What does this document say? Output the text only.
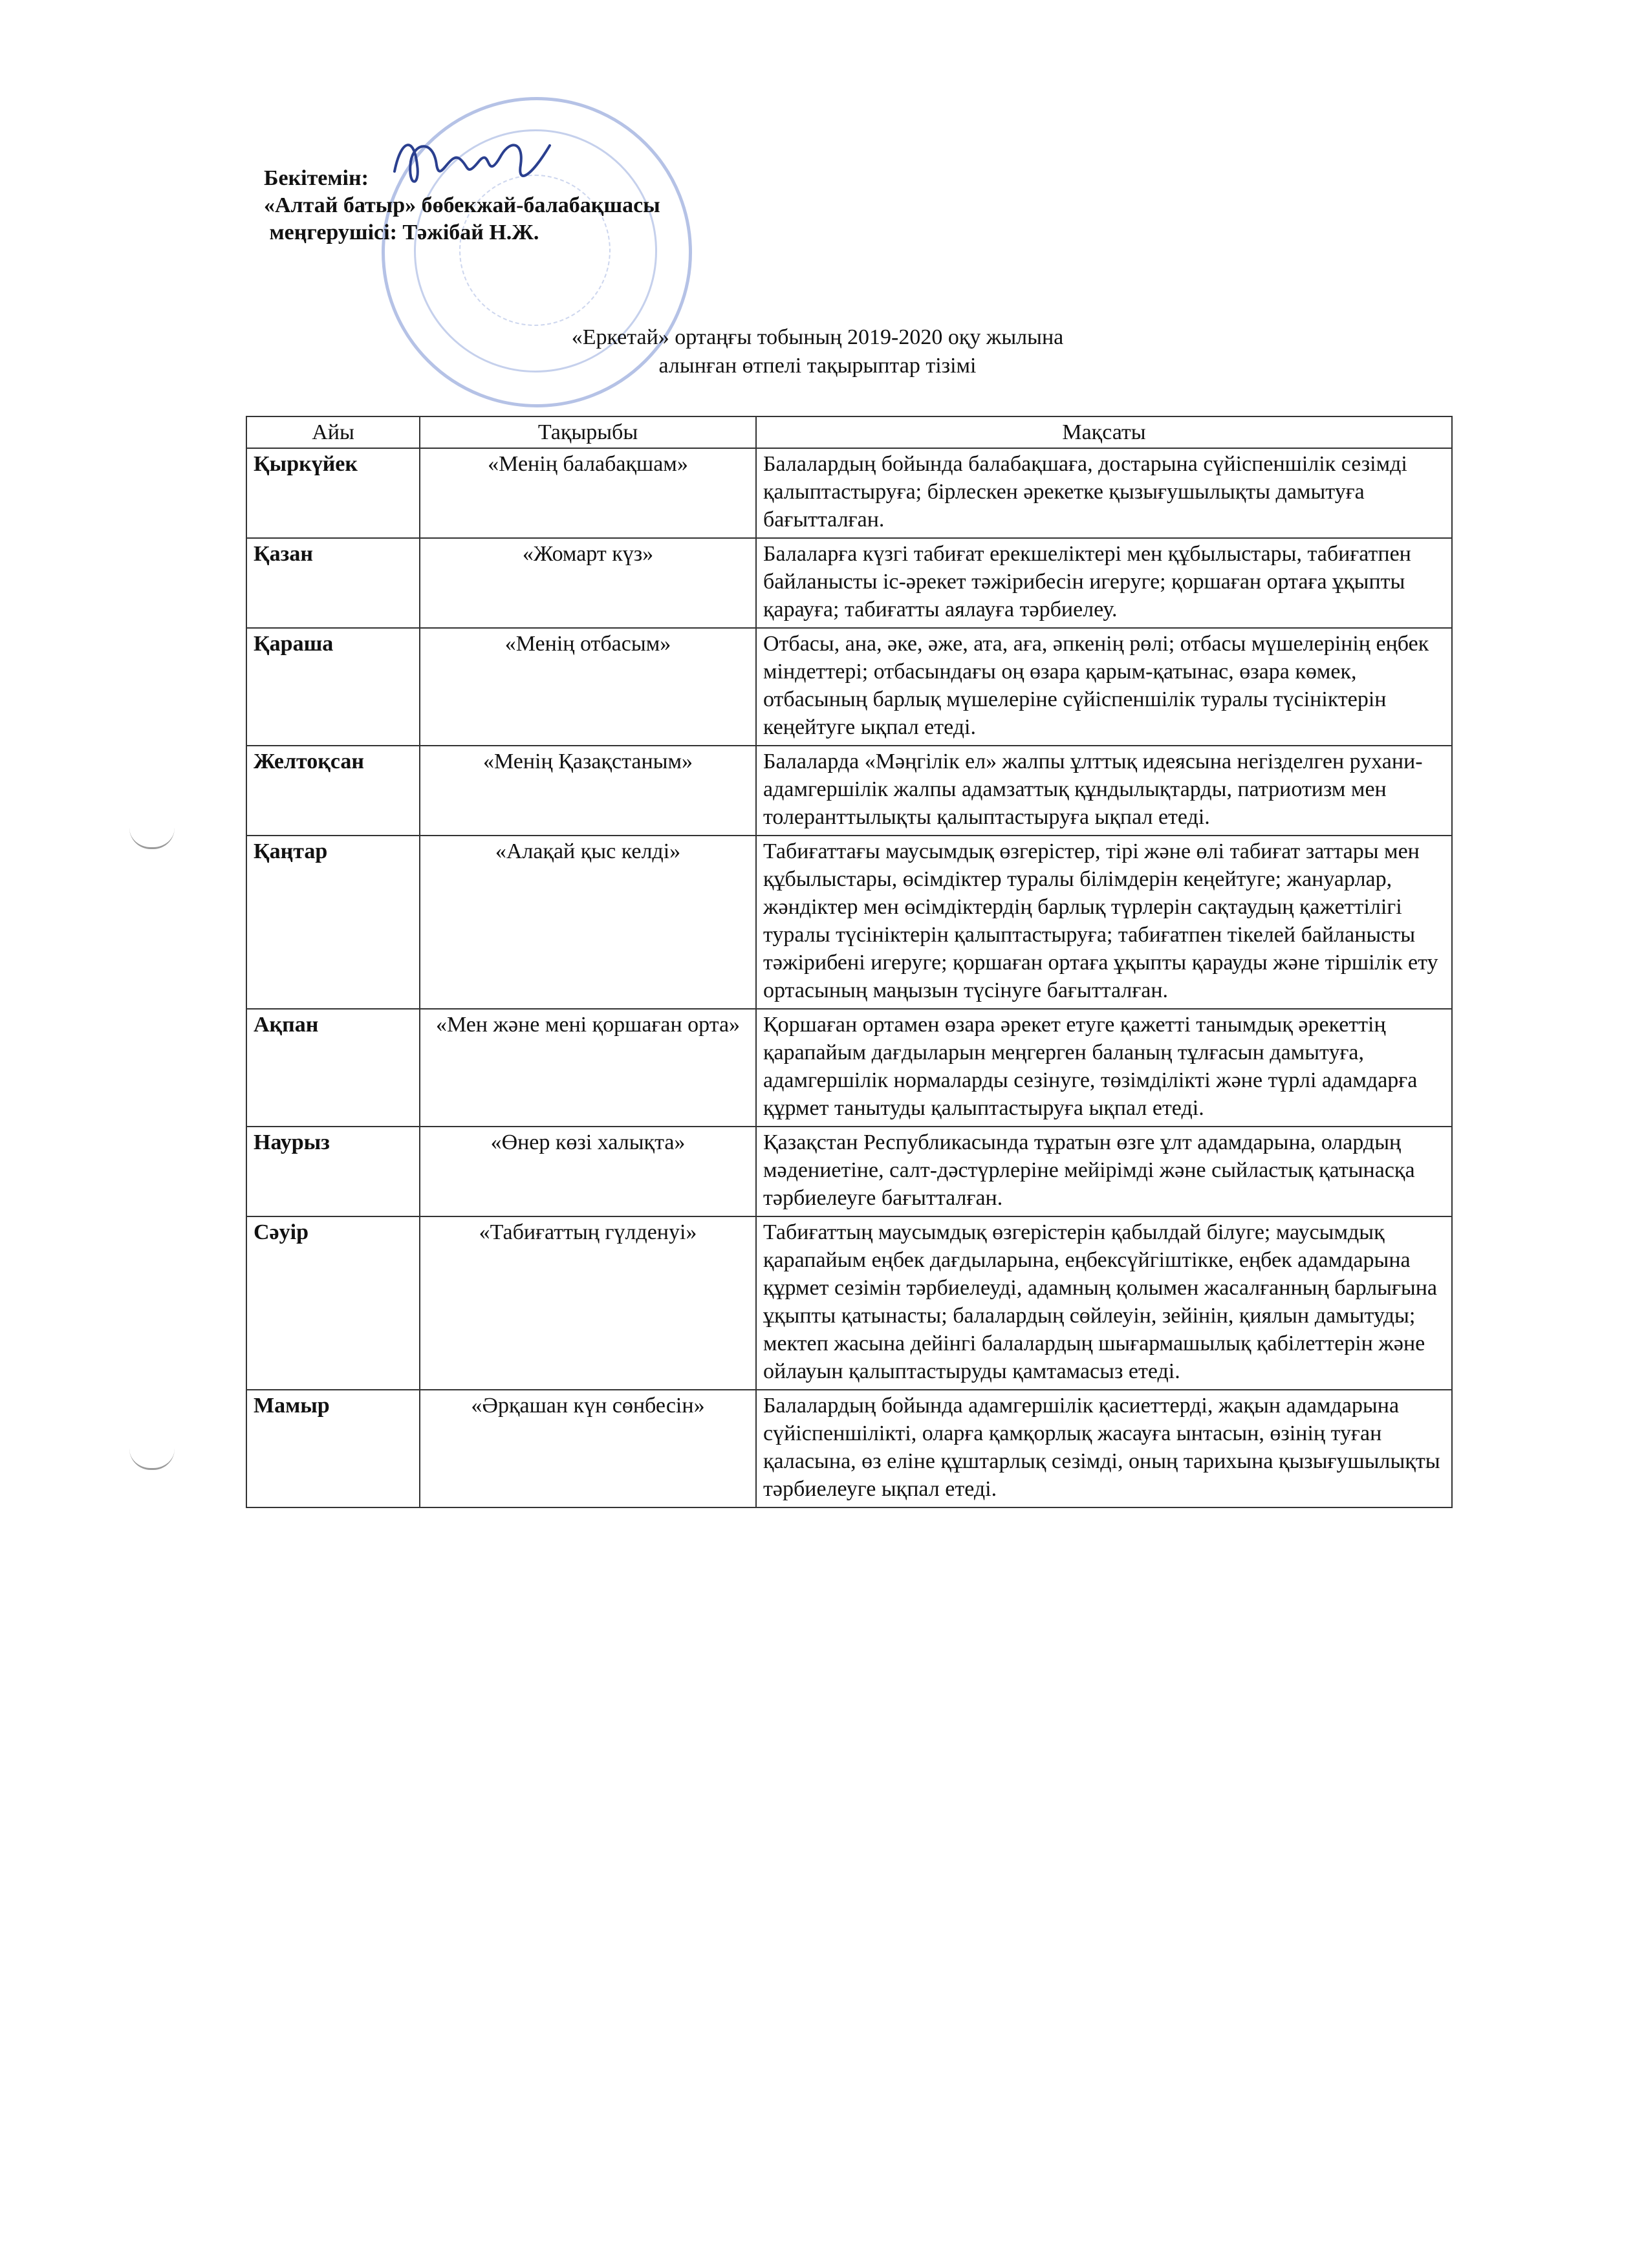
Бекітемін:
«Алтай батыр» бөбекжай-балабақшасы
меңгерушісі: Тәжібай Н.Ж.
«Еркетай» ортаңғы тобының 2019-2020 оқу жылына
алынған өтпелі тақырыптар тізімі
Айы	Тақырыбы	Мақсаты
Қыркүйек	«Менің балабақшам»	Балалардың бойында балабақшаға, достарына сүйіспеншілік сезімді қалыптастыруға; бірлескен әрекетке қызығушылықты дамытуға бағытталған.
Қазан	«Жомарт күз»	Балаларға күзгі табиғат ерекшеліктері мен құбылыстары, табиғатпен байланысты іс-әрекет тәжірибесін игеруге; қоршаған ортаға ұқыпты қарауға; табиғатты аялауға тәрбиелеу.
Қараша	«Менің отбасым»	Отбасы, ана, әке, әже, ата, аға, әпкенің рөлі; отбасы мүшелерінің еңбек міндеттері; отбасындағы оң өзара қарым-қатынас, өзара көмек, отбасының барлық мүшелеріне сүйіспеншілік туралы түсініктерін кеңейтуге ықпал етеді.
Желтоқсан	«Менің Қазақстаным»	Балаларда «Мәңгілік ел» жалпы ұлттық идеясына негізделген рухани- адамгершілік жалпы адамзаттық құндылықтарды, патриотизм мен толеранттылықты қалыптастыруға ықпал етеді.
Қаңтар	«Алақай қыс келді»	Табиғаттағы маусымдық өзгерістер, тірі және өлі табиғат заттары мен құбылыстары, өсімдіктер туралы білімдерін кеңейтуге; жануарлар, жәндіктер мен өсімдіктердің барлық түрлерін сақтаудың қажеттілігі туралы түсініктерін қалыптастыруға; табиғатпен тікелей байланысты тәжірибені игеруге; қоршаған ортаға ұқыпты қарауды және тіршілік ету ортасының маңызын түсінуге бағытталған.
Ақпан	«Мен және мені қоршаған орта»	Қоршаған ортамен өзара әрекет етуге қажетті танымдық әрекеттің қарапайым дағдыларын меңгерген баланың тұлғасын дамытуға, адамгершілік нормаларды сезінуге, төзімділікті және түрлі адамдарға құрмет танытуды қалыптастыруға ықпал етеді.
Наурыз	«Өнер көзі халықта»	Қазақстан Республикасында тұратын өзге ұлт адамдарына, олардың мәдениетіне, салт-дәстүрлеріне мейірімді және сыйластық қатынасқа тәрбиелеуге бағытталған.
Сәуір	«Табиғаттың гүлденуі»	Табиғаттың маусымдық өзгерістерін қабылдай білуге; маусымдық қарапайым еңбек дағдыларына, еңбексүйгіштікке, еңбек адамдарына құрмет сезімін тәрбиелеуді, адамның қолымен жасалғанның барлығына ұқыпты қатынасты; балалардың сөйлеуін, зейінін, қиялын дамытуды; мектеп жасына дейінгі балалардың шығармашылық қабілеттерін және ойлауын қалыптастыруды қамтамасыз етеді.
Мамыр	«Әрқашан күн сөнбесін»	Балалардың бойында адамгершілік қасиеттерді, жақын адамдарына сүйіспеншілікті, оларға қамқорлық жасауға ынтасын, өзінің туған қаласына, өз еліне құштарлық сезімді, оның тарихына қызығушылықты тәрбиелеуге ықпал етеді.
